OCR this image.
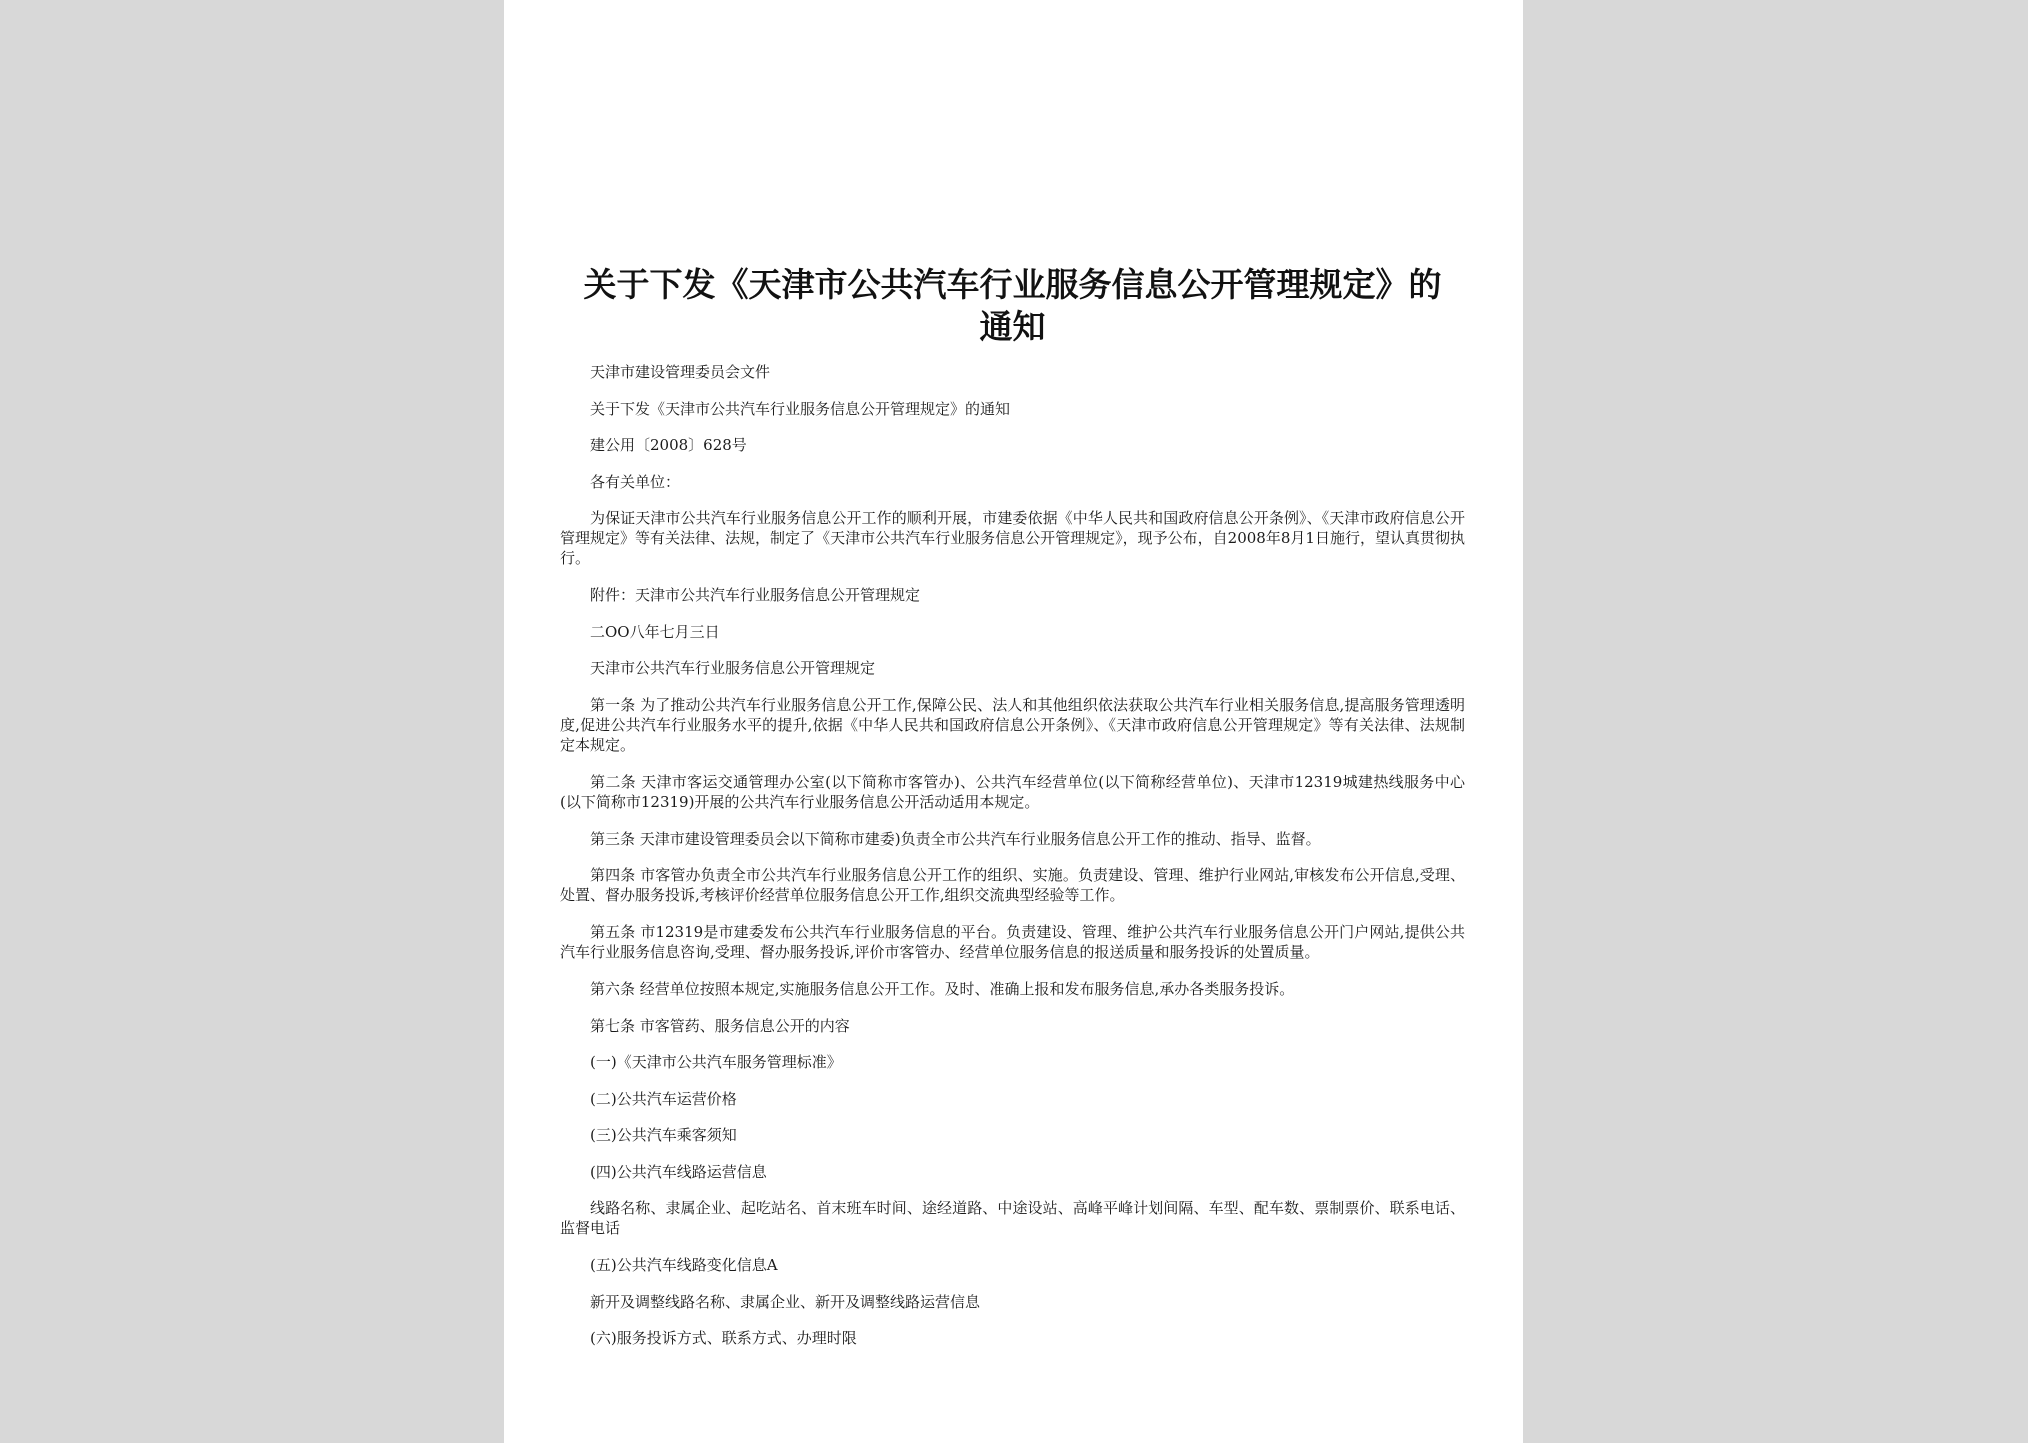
关于下发《天津市公共汽车行业服务信息公开管理规定》的通知
天津市建设管理委员会文件
关于下发《天津市公共汽车行业服务信息公开管理规定》的通知
建公用〔2008〕628号
各有关单位：
为保证天津市公共汽车行业服务信息公开工作的顺利开展，市建委依据《中华人民共和国政府信息公开条例》、《天津市政府信息公开管理规定》等有关法律、法规，制定了《天津市公共汽车行业服务信息公开管理规定》，现予公布，自2008年8月1日施行，望认真贯彻执行。
附件：天津市公共汽车行业服务信息公开管理规定
二OO八年七月三日
天津市公共汽车行业服务信息公开管理规定
第一条 为了推动公共汽车行业服务信息公开工作,保障公民、法人和其他组织依法获取公共汽车行业相关服务信息,提高服务管理透明度,促进公共汽车行业服务水平的提升,依据《中华人民共和国政府信息公开条例》、《天津市政府信息公开管理规定》等有关法律、法规制定本规定。
第二条 天津市客运交通管理办公室(以下简称市客管办)、公共汽车经营单位(以下简称经营单位)、天津市12319城建热线服务中心(以下简称市12319)开展的公共汽车行业服务信息公开活动适用本规定。
第三条 天津市建设管理委员会以下简称市建委)负责全市公共汽车行业服务信息公开工作的推动、指导、监督。
第四条 市客管办负责全市公共汽车行业服务信息公开工作的组织、实施。负责建设、管理、维护行业网站,审核发布公开信息,受理、处置、督办服务投诉,考核评价经营单位服务信息公开工作,组织交流典型经验等工作。
第五条 市12319是市建委发布公共汽车行业服务信息的平台。负责建设、管理、维护公共汽车行业服务信息公开门户网站,提供公共汽车行业服务信息咨询,受理、督办服务投诉,评价市客管办、经营单位服务信息的报送质量和服务投诉的处置质量。
第六条 经营单位按照本规定,实施服务信息公开工作。及时、准确上报和发布服务信息,承办各类服务投诉。
第七条 市客管药、服务信息公开的内容
(一)《天津市公共汽车服务管理标准》
(二)公共汽车运营价格
(三)公共汽车乘客须知
(四)公共汽车线路运营信息
线路名称、隶属企业、起吃站名、首末班车时间、途经道路、中途设站、高峰平峰计划间隔、车型、配车数、票制票价、联系电话、监督电话
(五)公共汽车线路变化信息A
新开及调整线路名称、隶属企业、新开及调整线路运营信息
(六)服务投诉方式、联系方式、办理时限
